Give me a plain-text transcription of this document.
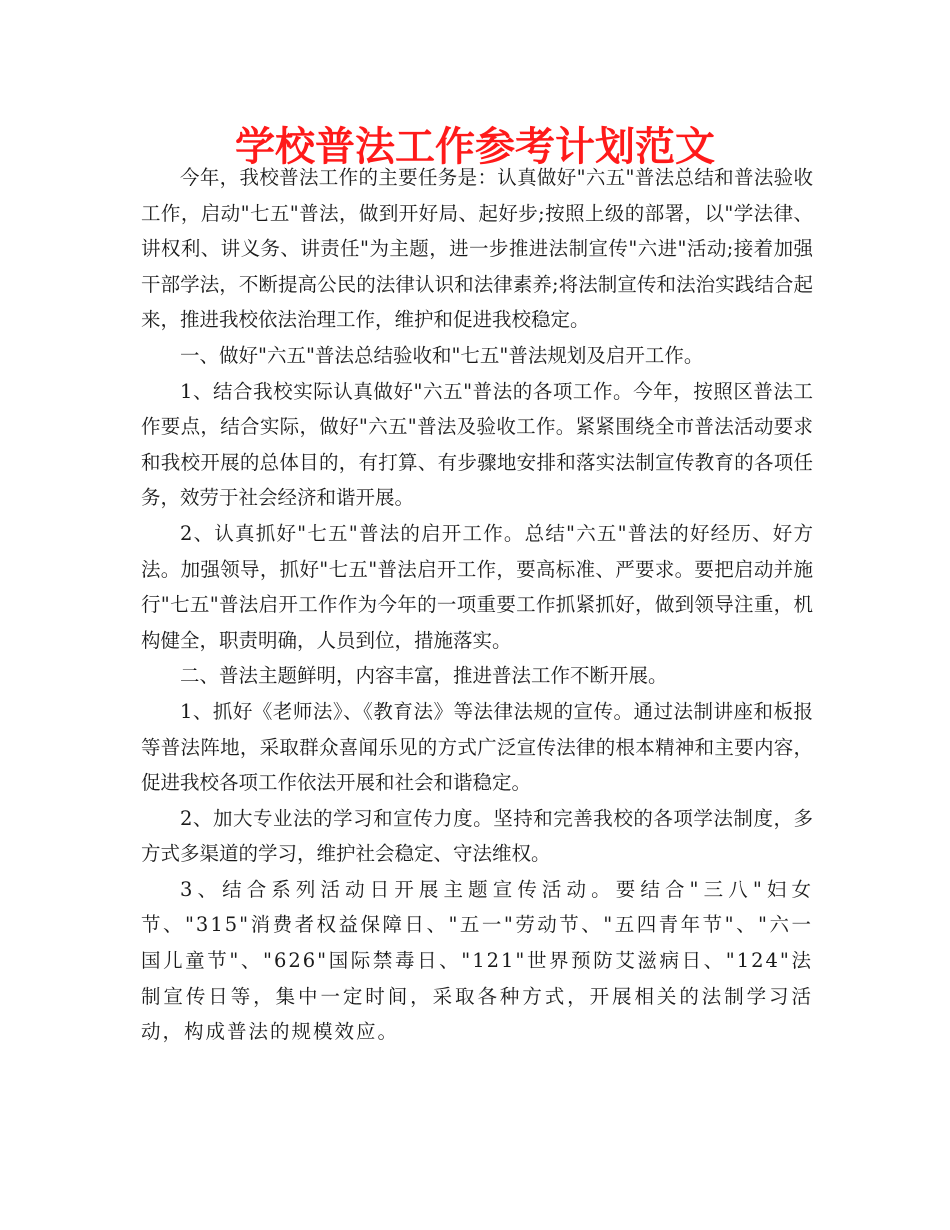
学校普法工作参考计划范文

今年，我校普法工作的主要任务是：认真做好"六五"普法总结和普法验收工作，启动"七五"普法，做到开好局、起好步;按照上级的部署，以"学法律、讲权利、讲义务、讲责任"为主题，进一步推进法制宣传"六进"活动;接着加强干部学法，不断提高公民的法律认识和法律素养;将法制宣传和法治实践结合起来，推进我校依法治理工作，维护和促进我校稳定。

一、做好"六五"普法总结验收和"七五"普法规划及启开工作。

1、结合我校实际认真做好"六五"普法的各项工作。今年，按照区普法工作要点，结合实际，做好"六五"普法及验收工作。紧紧围绕全市普法活动要求和我校开展的总体目的，有打算、有步骤地安排和落实法制宣传教育的各项任务，效劳于社会经济和谐开展。

2、认真抓好"七五"普法的启开工作。总结"六五"普法的好经历、好方法。加强领导，抓好"七五"普法启开工作，要高标准、严要求。要把启动并施行"七五"普法启开工作作为今年的一项重要工作抓紧抓好，做到领导注重，机构健全，职责明确，人员到位，措施落实。

二、普法主题鲜明，内容丰富，推进普法工作不断开展。

1、抓好《老师法》、《教育法》等法律法规的宣传。通过法制讲座和板报等普法阵地，采取群众喜闻乐见的方式广泛宣传法律的根本精神和主要内容，促进我校各项工作依法开展和社会和谐稳定。

2、加大专业法的学习和宣传力度。坚持和完善我校的各项学法制度，多方式多渠道的学习，维护社会稳定、守法维权。

3、结合系列活动日开展主题宣传活动。要结合"三八"妇女节、"315"消费者权益保障日、"五一"劳动节、"五四青年节"、"六一国儿童节"、"626"国际禁毒日、"121"世界预防艾滋病日、"124"法制宣传日等，集中一定时间，采取各种方式，开展相关的法制学习活动，构成普法的规模效应。
